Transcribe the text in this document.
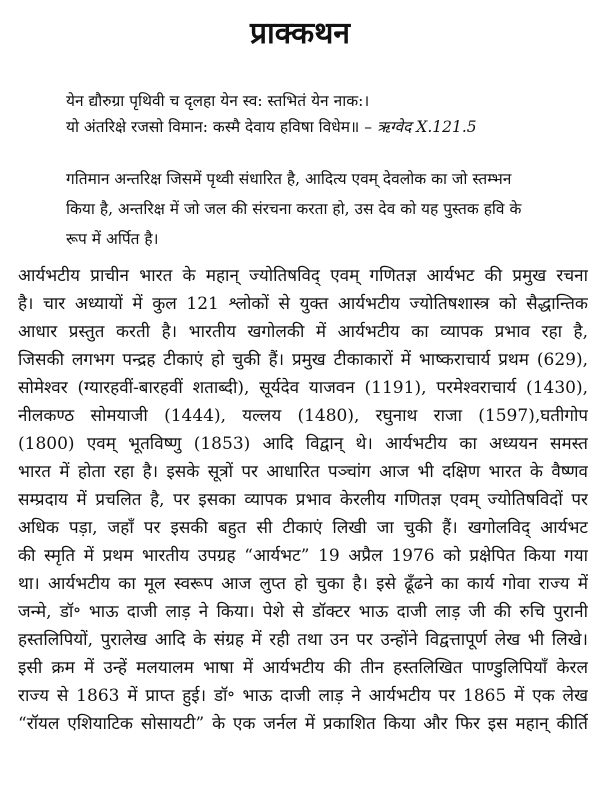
प्राक्कथन
येन द्यौरुग्रा पृथिवी च दृलहा येन स्व: स्तभितं येन नाक:।
यो अंतरिक्षे रजसो विमान: कस्मै देवाय हविषा विधेम॥ – ऋग्वेद X.121.5
गतिमान अन्तरिक्ष जिसमें पृथ्वी संधारित है, आदित्य एवम् देवलोक का जो स्तम्भन
किया है, अन्तरिक्ष में जो जल की संरचना करता हो, उस देव को यह पुस्तक हवि के
रूप में अर्पित है।
आर्यभटीय प्राचीन भारत के महान् ज्योतिषविद् एवम् गणितज्ञ आर्यभट की प्रमुख रचना
है। चार अध्यायों में कुल 121 श्लोकों से युक्त आर्यभटीय ज्योतिषशास्त्र को सैद्धान्तिक
आधार प्रस्तुत करती है। भारतीय खगोलकी में आर्यभटीय का व्यापक प्रभाव रहा है,
जिसकी लगभग पन्द्रह टीकाएं हो चुकी हैं। प्रमुख टीकाकारों में भाष्कराचार्य प्रथम (629),
सोमेश्वर (ग्यारहवीं-बारहवीं शताब्दी), सूर्यदेव याजवन (1191), परमेश्वराचार्य (1430),
नीलकण्ठ सोमयाजी (1444), यल्लय (1480), रघुनाथ राजा (1597),घतीगोप
(1800) एवम् भूतविष्णु (1853) आदि विद्वान् थे। आर्यभटीय का अध्ययन समस्त
भारत में होता रहा है। इसके सूत्रों पर आधारित पञ्चांग आज भी दक्षिण भारत के वैष्णव
सम्प्रदाय में प्रचलित है, पर इसका व्यापक प्रभाव केरलीय गणितज्ञ एवम् ज्योतिषविदों पर
अधिक पड़ा, जहाँ पर इसकी बहुत सी टीकाएं लिखी जा चुकी हैं। खगोलविद् आर्यभट
की स्मृति में प्रथम भारतीय उपग्रह “आर्यभट” 19 अप्रैल 1976 को प्रक्षेपित किया गया
था। आर्यभटीय का मूल स्वरूप आज लुप्त हो चुका है। इसे ढूँढने का कार्य गोवा राज्य में
जन्मे, डॉ॰ भाऊ दाजी लाड़ ने किया। पेशे से डॉक्टर भाऊ दाजी लाड़ जी की रुचि पुरानी
हस्तलिपियों, पुरालेख आदि के संग्रह में रही तथा उन पर उन्होंने विद्वत्तापूर्ण लेख भी लिखे।
इसी क्रम में उन्हें मलयालम भाषा में आर्यभटीय की तीन हस्तलिखित पाण्डुलिपियाँ केरल
राज्य से 1863 में प्राप्त हुई। डॉ॰ भाऊ दाजी लाड़ ने आर्यभटीय पर 1865 में एक लेख
“रॉयल एशियाटिक सोसायटी” के एक जर्नल में प्रकाशित किया और फिर इस महान् कीर्ति
